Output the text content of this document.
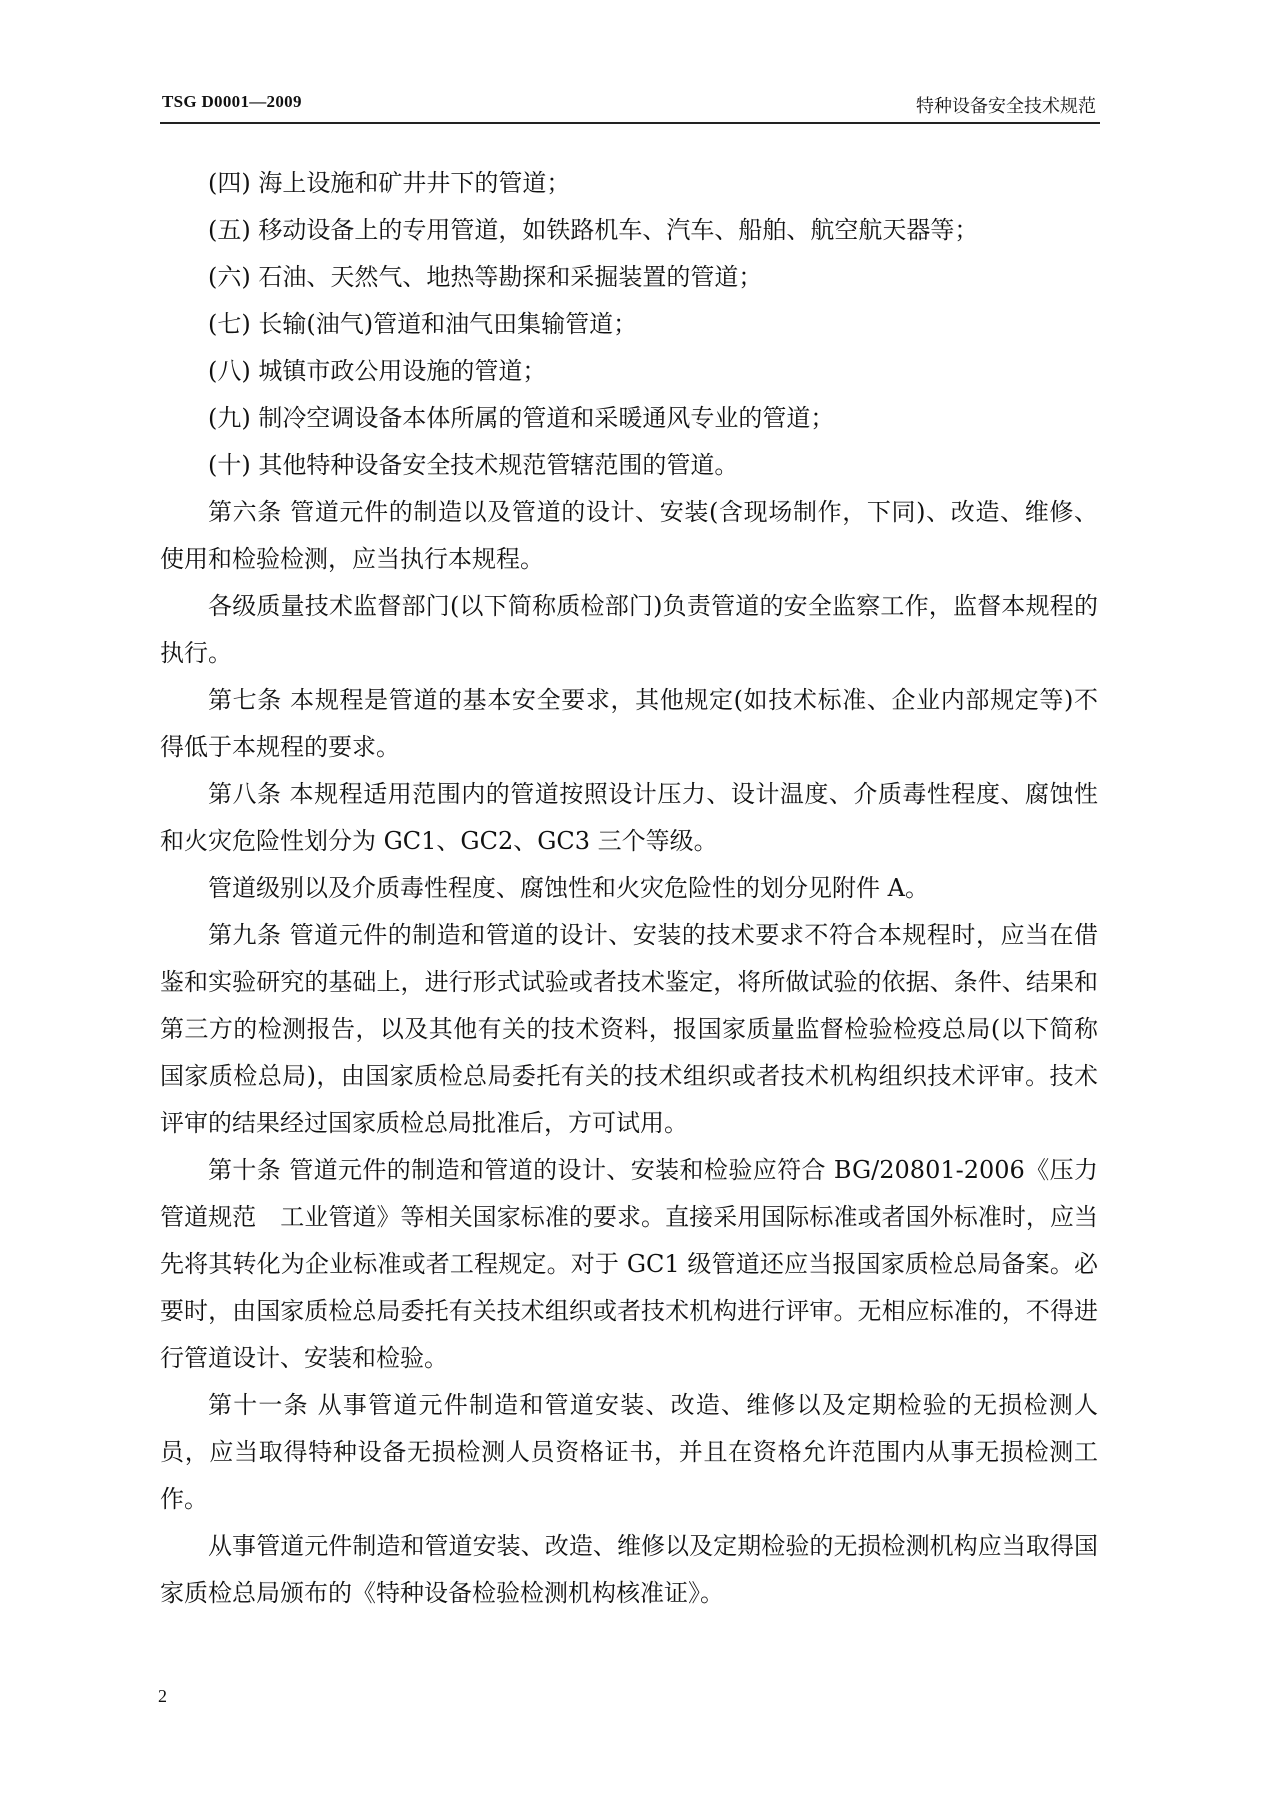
TSG D0001—2009	特种设备安全技术规范

(四) 海上设施和矿井井下的管道；

(五) 移动设备上的专用管道，如铁路机车、汽车、船舶、航空航天器等；

(六) 石油、天然气、地热等勘探和采掘装置的管道；

(七) 长输(油气)管道和油气田集输管道；

(八) 城镇市政公用设施的管道；

(九) 制冷空调设备本体所属的管道和采暖通风专业的管道；

(十) 其他特种设备安全技术规范管辖范围的管道。

第六条 管道元件的制造以及管道的设计、安装(含现场制作，下同)、改造、维修、使用和检验检测，应当执行本规程。

各级质量技术监督部门(以下简称质检部门)负责管道的安全监察工作，监督本规程的执行。

第七条 本规程是管道的基本安全要求，其他规定(如技术标准、企业内部规定等)不得低于本规程的要求。

第八条 本规程适用范围内的管道按照设计压力、设计温度、介质毒性程度、腐蚀性和火灾危险性划分为 GC1、GC2、GC3 三个等级。

管道级别以及介质毒性程度、腐蚀性和火灾危险性的划分见附件 A。

第九条 管道元件的制造和管道的设计、安装的技术要求不符合本规程时，应当在借鉴和实验研究的基础上，进行形式试验或者技术鉴定，将所做试验的依据、条件、结果和第三方的检测报告，以及其他有关的技术资料，报国家质量监督检验检疫总局(以下简称国家质检总局)，由国家质检总局委托有关的技术组织或者技术机构组织技术评审。技术评审的结果经过国家质检总局批准后，方可试用。

第十条 管道元件的制造和管道的设计、安装和检验应符合 BG/20801-2006《压力管道规范　工业管道》等相关国家标准的要求。直接采用国际标准或者国外标准时，应当先将其转化为企业标准或者工程规定。对于 GC1 级管道还应当报国家质检总局备案。必要时，由国家质检总局委托有关技术组织或者技术机构进行评审。无相应标准的，不得进行管道设计、安装和检验。

第十一条 从事管道元件制造和管道安装、改造、维修以及定期检验的无损检测人员，应当取得特种设备无损检测人员资格证书，并且在资格允许范围内从事无损检测工作。

从事管道元件制造和管道安装、改造、维修以及定期检验的无损检测机构应当取得国家质检总局颁布的《特种设备检验检测机构核准证》。

2
